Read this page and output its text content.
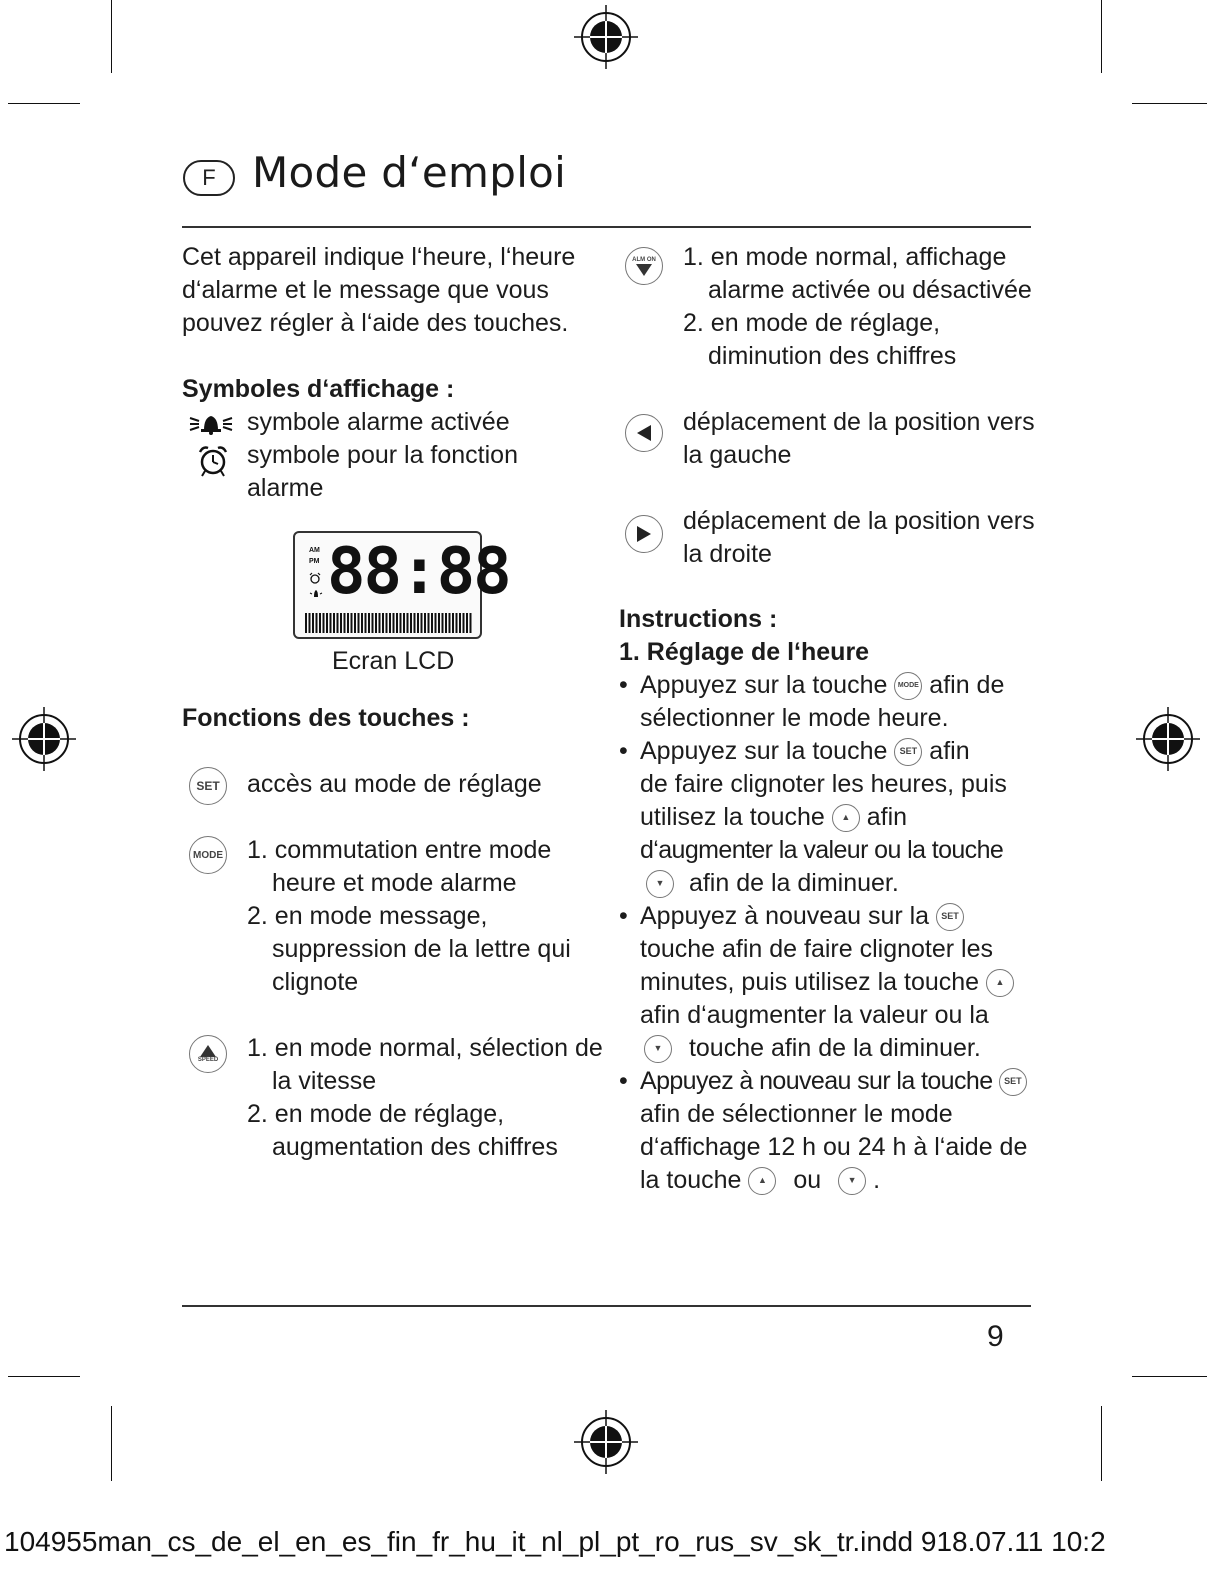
F Mode d‘emploi
Cet appareil indique l‘heure, l‘heure
d‘alarme et le message que vous
pouvez régler à l‘aide des touches.
Symboles d‘affichage :
symbole alarme activée
symbole pour la fonction
alarme
AM
PM 88:88
Ecran LCD
Fonctions des touches :
SET accès au mode de réglage
MODE 1. commutation entre mode
heure et mode alarme
2. en mode message,
suppression de la lettre qui
clignote
SPEED 1. en mode normal, sélection de
la vitesse
2. en mode de réglage,
augmentation des chiffres
ALM ON 1. en mode normal, affichage
alarme activée ou désactivée
2. en mode de réglage,
diminution des chiffres
déplacement de la position vers
la gauche
déplacement de la position vers
la droite
Instructions :
1. Réglage de l‘heure
• Appuyez sur la touche MODE afin de
sélectionner le mode heure.
• Appuyez sur la touche SET afin
de faire clignoter les heures, puis
utilisez la touche ▲ afin
d‘augmenter la valeur ou la touche
▼ afin de la diminuer.
• Appuyez à nouveau sur la SET
touche afin de faire clignoter les
minutes, puis utilisez la touche ▲
afin d‘augmenter la valeur ou la
▼ touche afin de la diminuer.
• Appuyez à nouveau sur la touche SET
afin de sélectionner le mode
d‘affichage 12 h ou 24 h à l‘aide de
la touche ▲ ou	▼ .
9
104955man_cs_de_el_en_es_fin_fr_hu_it_nl_pl_pt_ro_rus_sv_sk_tr.indd 918.07.11 10:2
